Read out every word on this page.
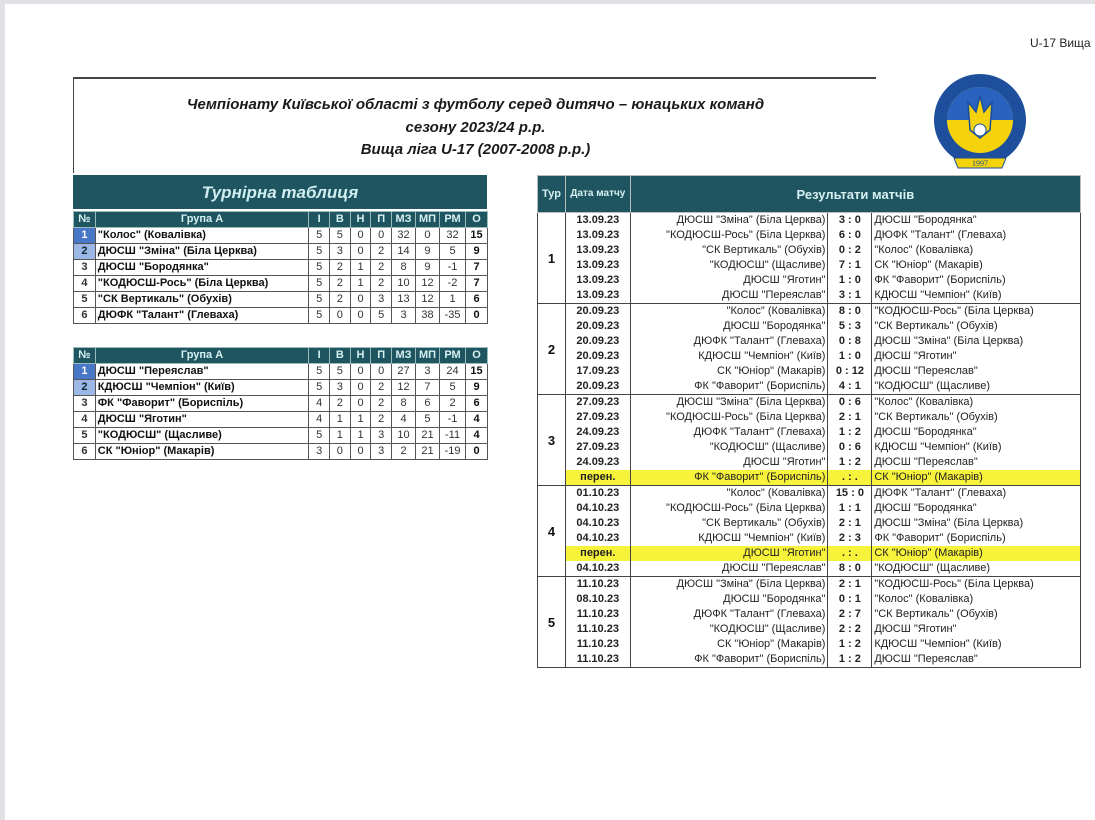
U-17 Вища
Чемпіонату Київської області з футболу серед дитячо – юнацьких команд
сезону 2023/24 р.р.
Вища ліга U-17 (2007-2008 р.р.)
1997
Турнірна таблиця
№	Група А	І	В	Н	П	МЗ	МП	РМ	О
1	"Колос" (Ковалівка)	5	5	0	0	32	0	32	15
2	ДЮСШ "Зміна" (Біла Церква)	5	3	0	2	14	9	5	9
3	ДЮСШ "Бородянка"	5	2	1	2	8	9	-1	7
4	"КОДЮСШ-Рось" (Біла Церква)	5	2	1	2	10	12	-2	7
5	"СК Вертикаль" (Обухів)	5	2	0	3	13	12	1	6
6	ДЮФК "Талант" (Глеваха)	5	0	0	5	3	38	-35	0
№	Група А	І	В	Н	П	МЗ	МП	РМ	О
1	ДЮСШ "Переяслав"	5	5	0	0	27	3	24	15
2	КДЮСШ "Чемпіон" (Київ)	5	3	0	2	12	7	5	9
3	ФК "Фаворит" (Бориспіль)	4	2	0	2	8	6	2	6
4	ДЮСШ "Яготин"	4	1	1	2	4	5	-1	4
5	"КОДЮСШ" (Щасливе)	5	1	1	3	10	21	-11	4
6	СК "Юніор" (Макарів)	3	0	0	3	2	21	-19	0
Тур	Дата матчу	Результати матчів		
1	13.09.23	ДЮСШ "Зміна" (Біла Церква)	3 : 0	ДЮСШ "Бородянка"
	13.09.23	"КОДЮСШ-Рось" (Біла Церква)	6 : 0	ДЮФК "Талант" (Глеваха)
	13.09.23	"СК Вертикаль" (Обухів)	0 : 2	"Колос" (Ковалівка)
	13.09.23	"КОДЮСШ" (Щасливе)	7 : 1	СК "Юніор" (Макарів)
	13.09.23	ДЮСШ "Яготин"	1 : 0	ФК "Фаворит" (Бориспіль)
	13.09.23	ДЮСШ "Переяслав"	3 : 1	КДЮСШ "Чемпіон" (Київ)
2	20.09.23	"Колос" (Ковалівка)	8 : 0	"КОДЮСШ-Рось" (Біла Церква)
	20.09.23	ДЮСШ "Бородянка"	5 : 3	"СК Вертикаль" (Обухів)
	20.09.23	ДЮФК "Талант" (Глеваха)	0 : 8	ДЮСШ "Зміна" (Біла Церква)
	20.09.23	КДЮСШ "Чемпіон" (Київ)	1 : 0	ДЮСШ "Яготин"
	17.09.23	СК "Юніор" (Макарів)	0 : 12	ДЮСШ "Переяслав"
	20.09.23	ФК "Фаворит" (Бориспіль)	4 : 1	"КОДЮСШ" (Щасливе)
3	27.09.23	ДЮСШ "Зміна" (Біла Церква)	0 : 6	"Колос" (Ковалівка)
	27.09.23	"КОДЮСШ-Рось" (Біла Церква)	2 : 1	"СК Вертикаль" (Обухів)
	24.09.23	ДЮФК "Талант" (Глеваха)	1 : 2	ДЮСШ "Бородянка"
	27.09.23	"КОДЮСШ" (Щасливе)	0 : 6	КДЮСШ "Чемпіон" (Київ)
	24.09.23	ДЮСШ "Яготин"	1 : 2	ДЮСШ "Переяслав"
	перен.	ФК "Фаворит" (Бориспіль)	. : .	СК "Юніор" (Макарів)
4	01.10.23	"Колос" (Ковалівка)	15 : 0	ДЮФК "Талант" (Глеваха)
	04.10.23	"КОДЮСШ-Рось" (Біла Церква)	1 : 1	ДЮСШ "Бородянка"
	04.10.23	"СК Вертикаль" (Обухів)	2 : 1	ДЮСШ "Зміна" (Біла Церква)
	04.10.23	КДЮСШ "Чемпіон" (Київ)	2 : 3	ФК "Фаворит" (Бориспіль)
	перен.	ДЮСШ "Яготин"	. : .	СК "Юніор" (Макарів)
	04.10.23	ДЮСШ "Переяслав"	8 : 0	"КОДЮСШ" (Щасливе)
5	11.10.23	ДЮСШ "Зміна" (Біла Церква)	2 : 1	"КОДЮСШ-Рось" (Біла Церква)
	08.10.23	ДЮСШ "Бородянка"	0 : 1	"Колос" (Ковалівка)
	11.10.23	ДЮФК "Талант" (Глеваха)	2 : 7	"СК Вертикаль" (Обухів)
	11.10.23	"КОДЮСШ" (Щасливе)	2 : 2	ДЮСШ "Яготин"
	11.10.23	СК "Юніор" (Макарів)	1 : 2	КДЮСШ "Чемпіон" (Київ)
	11.10.23	ФК "Фаворит" (Бориспіль)	1 : 2	ДЮСШ "Переяслав"
